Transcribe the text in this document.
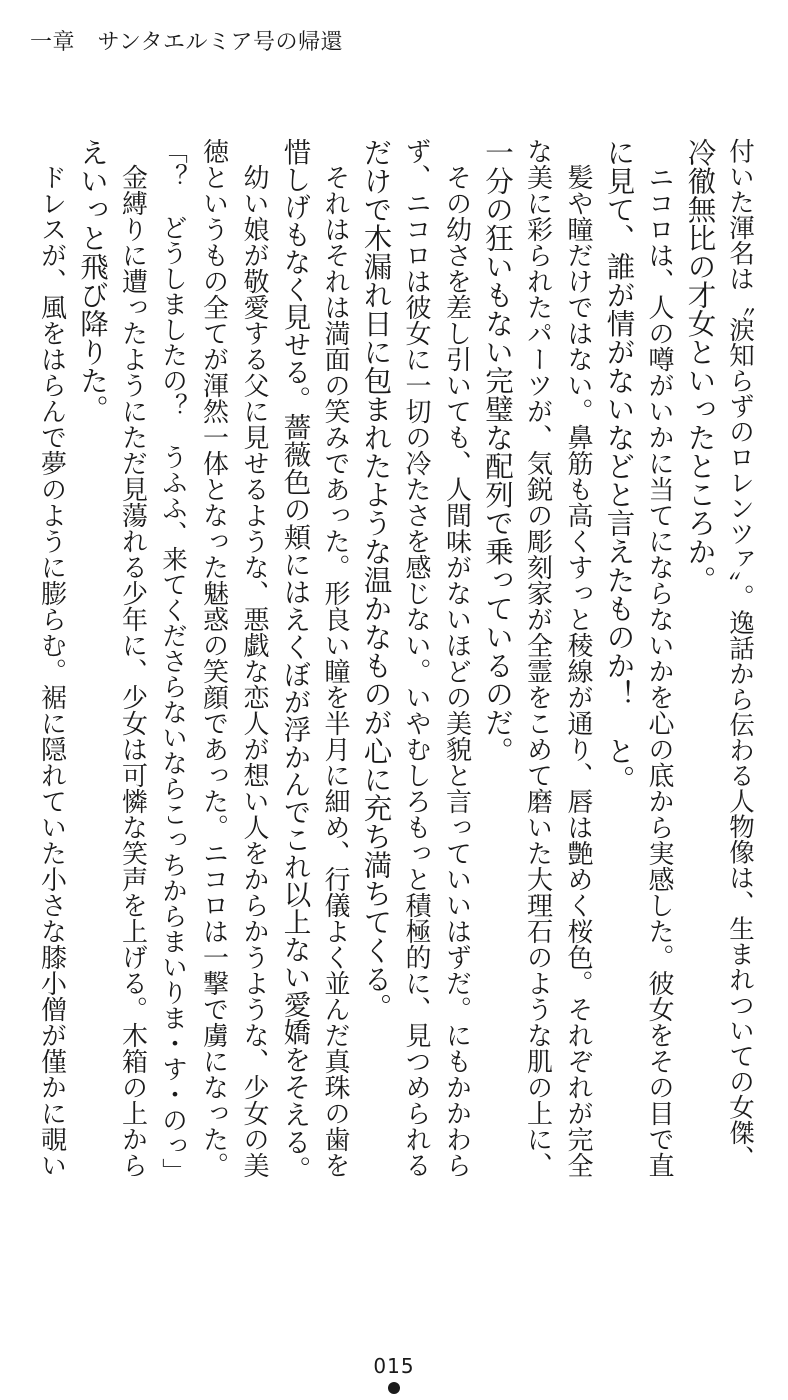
一章　サンタエルミア号の帰還
付いた渾名は〝涙知らずのロレンツァ〟。逸話から伝わる人物像は、生まれついての女傑、
冷徹無比の才女といったところか。
　ニコロは、人の噂がいかに当てにならないかを心の底から実感した。彼女をその目で直
に見て、誰が情がないなどと言えたものか！　と。
　髪や瞳だけではない。鼻筋も高くすっと稜線が通り、唇は艶めく桜色。それぞれが完全
な美に彩られたパーツが、気鋭の彫刻家が全霊をこめて磨いた大理石のような肌の上に、
一分の狂いもない完璧な配列で乗っているのだ。
　その幼さを差し引いても、人間味がないほどの美貌と言っていいはずだ。にもかかわら
ず、ニコロは彼女に一切の冷たさを感じない。いやむしろもっと積極的に、見つめられる
だけで木漏れ日に包まれたような温かなものが心に充ち満ちてくる。
　それはそれは満面の笑みであった。形良い瞳を半月に細め、行儀よく並んだ真珠の歯を
惜しげもなく見せる。薔薇色の頬にはえくぼが浮かんでこれ以上ない愛嬌をそえる。
　幼い娘が敬愛する父に見せるような、悪戯な恋人が想い人をからかうような、少女の美
徳というもの全てが渾然一体となった魅惑の笑顔であった。ニコロは一撃で虜になった。
「？　どうしましたの？　うふふ、来てくださらないならこっちからまいりま・す・のっ」
　金縛りに遭ったようにただ見蕩れる少年に、少女は可憐な笑声を上げる。木箱の上から
えいっと飛び降りた。
　ドレスが、風をはらんで夢のように膨らむ。裾に隠れていた小さな膝小僧が僅かに覗い
015
